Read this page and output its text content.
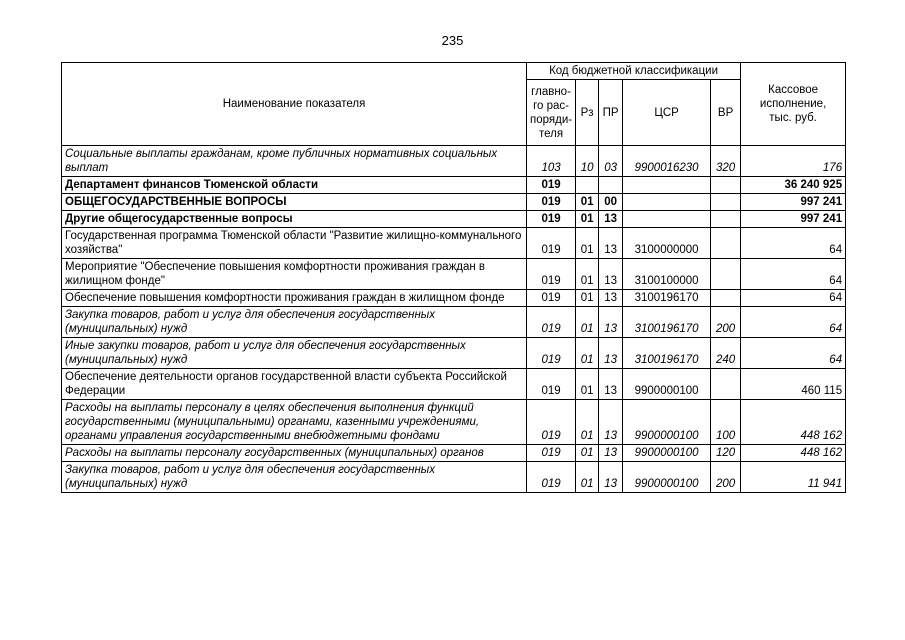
235
Наименование показателя	Код бюджетной классификации					Кассовое
исполнение,
тыс. руб.
	главно-
го рас-
поряди-
теля	Рз	ПР	ЦСР	ВР	
Социальные выплаты гражданам, кроме публичных нормативных социальных выплат	103	10	03	9900016230	320	176
Департамент финансов Тюменской области	019					36 240 925
ОБЩЕГОСУДАРСТВЕННЫЕ ВОПРОСЫ	019	01	00			997 241
Другие общегосударственные вопросы	019	01	13			997 241
Государственная программа Тюменской области "Развитие жилищно-коммунального хозяйства"	019	01	13	3100000000		64
Мероприятие "Обеспечение повышения комфортности проживания граждан в жилищном фонде"	019	01	13	3100100000		64
Обеспечение повышения комфортности проживания граждан в жилищном фонде	019	01	13	3100196170		64
Закупка товаров, работ и услуг для обеспечения государственных (муниципальных) нужд	019	01	13	3100196170	200	64
Иные закупки товаров, работ и услуг для обеспечения государственных (муниципальных) нужд	019	01	13	3100196170	240	64
Обеспечение деятельности органов государственной власти субъекта Российской Федерации	019	01	13	9900000100		460 115
Расходы на выплаты персоналу в целях обеспечения выполнения функций государственными (муниципальными) органами, казенными учреждениями, органами управления государственными внебюджетными фондами	019	01	13	9900000100	100	448 162
Расходы на выплаты персоналу государственных (муниципальных) органов	019	01	13	9900000100	120	448 162
Закупка товаров, работ и услуг для обеспечения государственных (муниципальных) нужд	019	01	13	9900000100	200	11 941
